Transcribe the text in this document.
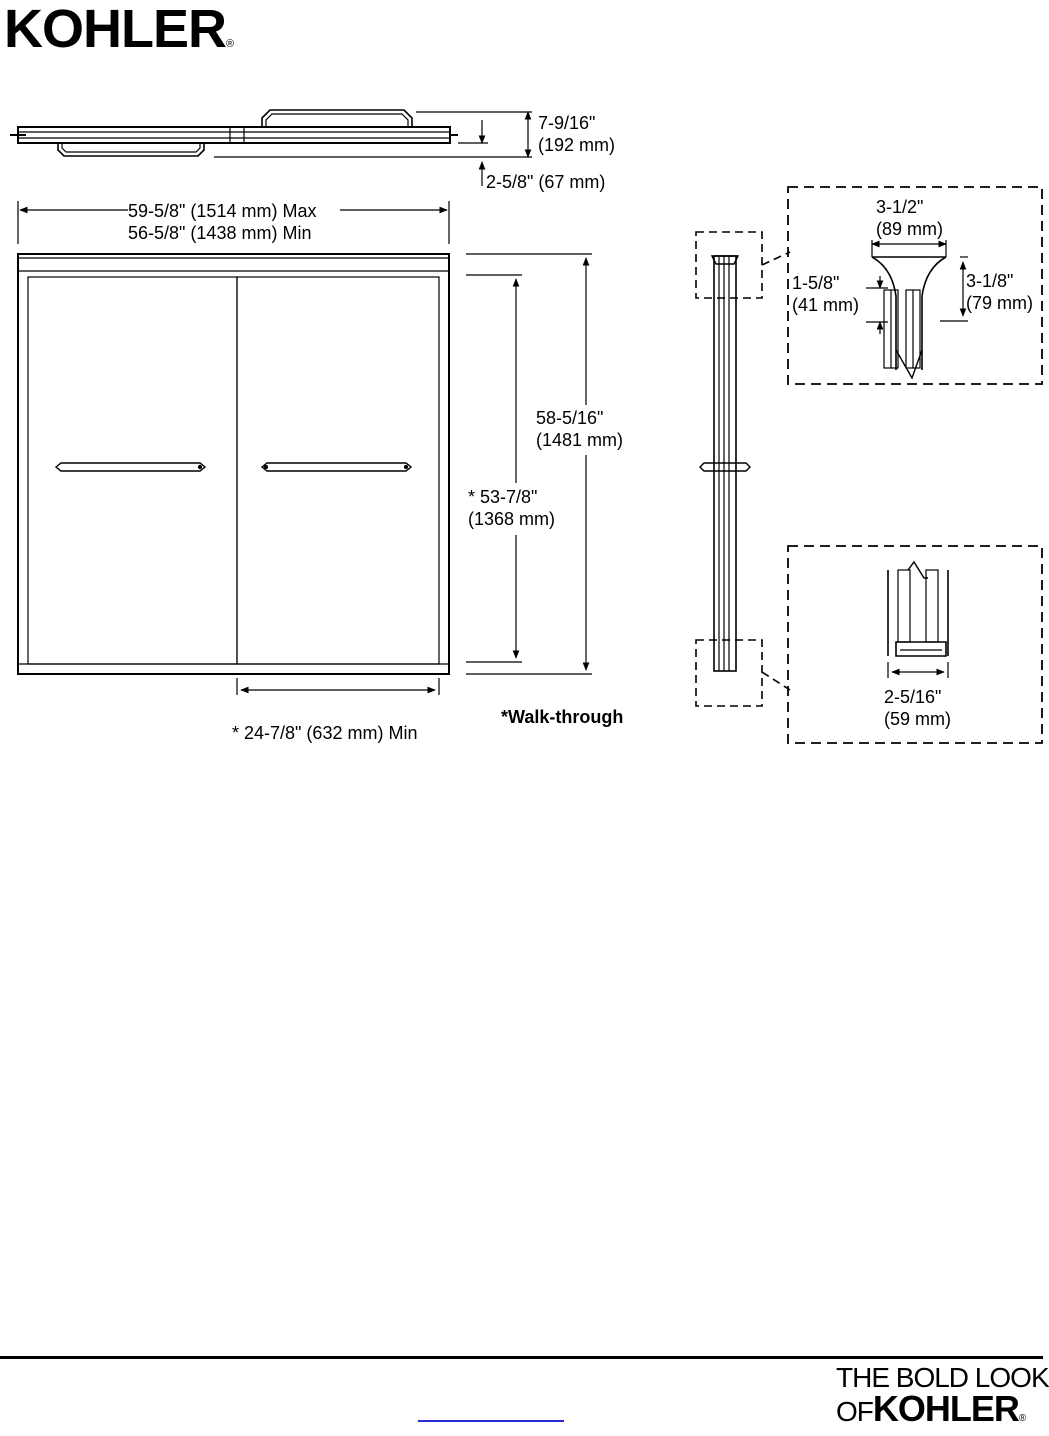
KOHLER®
7-9/16"
(192 mm)
2-5/8" (67 mm)
59-5/8" (1514 mm) Max
56-5/8" (1438 mm) Min
58-5/16"
(1481 mm)
* 53-7/8"
(1368 mm)
* 24-7/8" (632 mm) Min
*Walk-through
3-1/2"
(89 mm)
1-5/8"
(41 mm)
3-1/8"
(79 mm)
2-5/16"
(59 mm)
THE BOLD LOOK
OFKOHLER®
